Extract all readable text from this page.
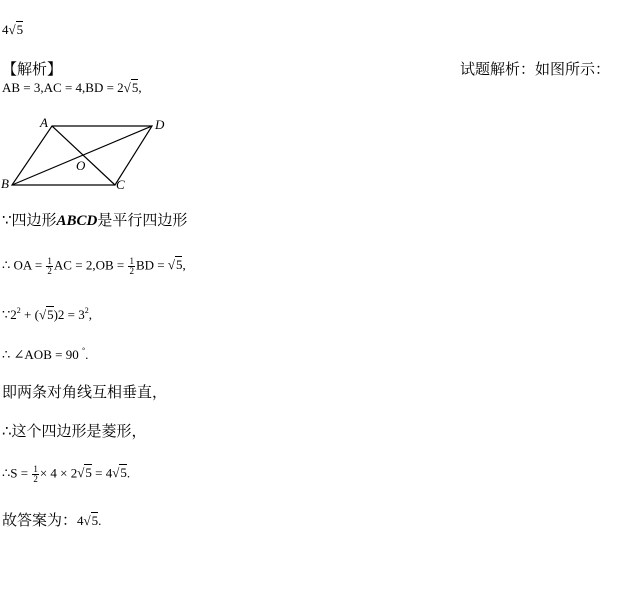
4√5
【解析】	试题解析：如图所示：
AB = 3,AC = 4,BD = 2√5,
A	D
O
B	C
∵四边形ABCD是平行四边形
∴ OA = $\frac{1}{2}$ AC = $2,OB = \frac{1}{2}$ BD = √5,
$\because 2^2 + (√5)2 = 3^2$,
∴ ∠AOB = 90 °.
即两条对角线互相垂直，
∴这个四边形是菱形，
∴S = $\frac{1}{2} \times 4 \times 2√5 = 4√5$.
故答案为：4√5.
